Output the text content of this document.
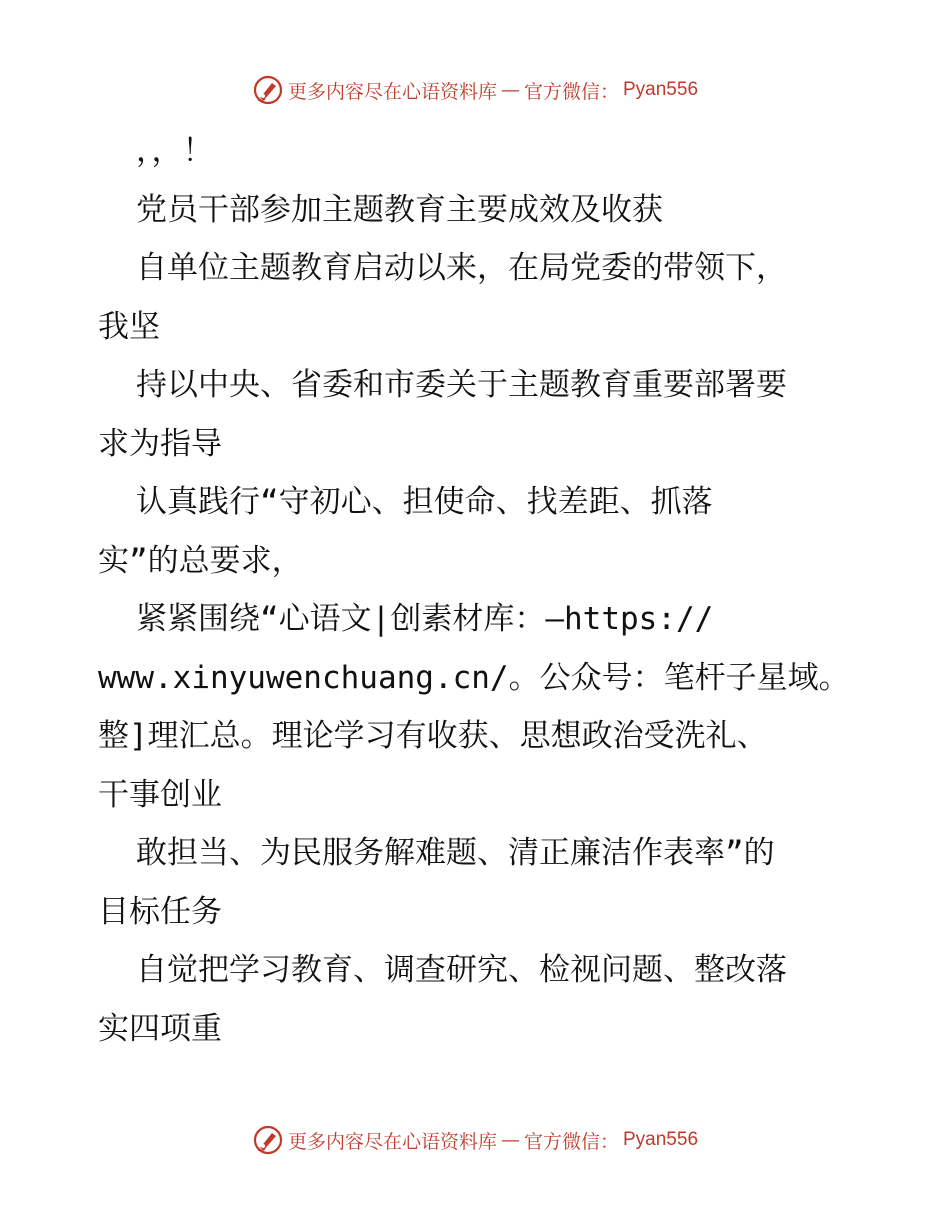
更多内容尽在心语资料库 — 官方微信： Pyan556
，，！
党员干部参加主题教育主要成效及收获
自单位主题教育启动以来，在局党委的带领下，
我坚
持以中央、省委和市委关于主题教育重要部署要
求为指导
认真践行“守初心、担使命、找差距、抓落
实”的总要求，
紧紧围绕“心语文|创素材库：—https://
www.xinyuwenchuang.cn/。公众号：笔杆子星域。
整]理汇总。理论学习有收获、思想政治受洗礼、
干事创业
敢担当、为民服务解难题、清正廉洁作表率”的
目标任务
自觉把学习教育、调查研究、检视问题、整改落
实四项重
更多内容尽在心语资料库 — 官方微信： Pyan556
